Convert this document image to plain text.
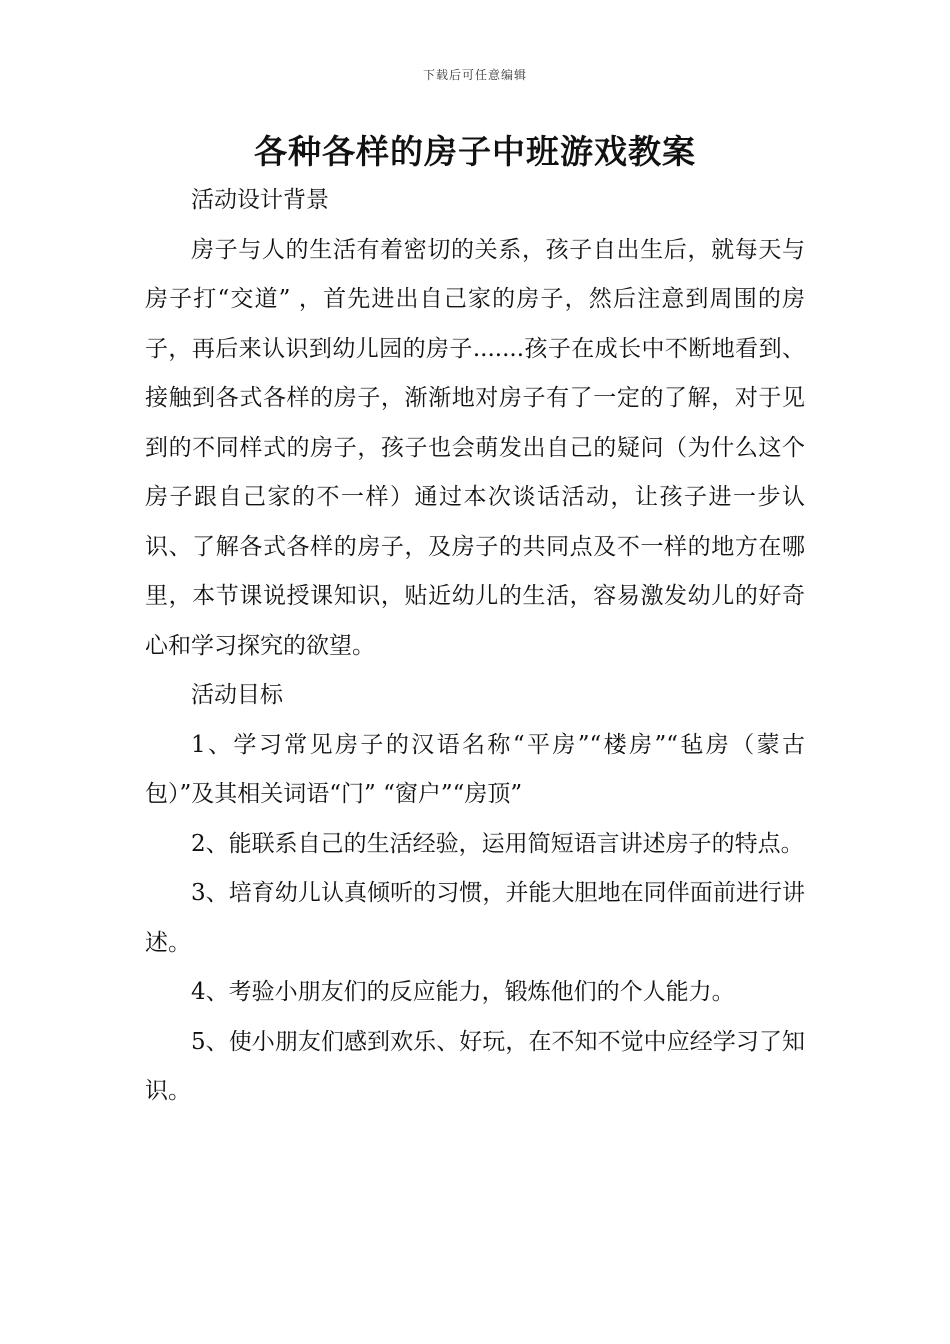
下载后可任意编辑
各种各样的房子中班游戏教案

活动设计背景

房子与人的生活有着密切的关系，孩子自出生后，就每天与房子打“交道” ，首先进出自己家的房子，然后注意到周围的房子，再后来认识到幼儿园的房子.......孩子在成长中不断地看到、接触到各式各样的房子，渐渐地对房子有了一定的了解，对于见到的不同样式的房子，孩子也会萌发出自己的疑问（为什么这个房子跟自己家的不一样）通过本次谈话活动，让孩子进一步认识、了解各式各样的房子，及房子的共同点及不一样的地方在哪里，本节课说授课知识，贴近幼儿的生活，容易激发幼儿的好奇心和学习探究的欲望。

活动目标

1、学习常见房子的汉语名称“平房”“楼房”“毡房（蒙古包）”及其相关词语“门” “窗户”“房顶”

2、能联系自己的生活经验，运用简短语言讲述房子的特点。

3、培育幼儿认真倾听的习惯，并能大胆地在同伴面前进行讲述。

4、考验小朋友们的反应能力，锻炼他们的个人能力。

5、使小朋友们感到欢乐、好玩，在不知不觉中应经学习了知识。
